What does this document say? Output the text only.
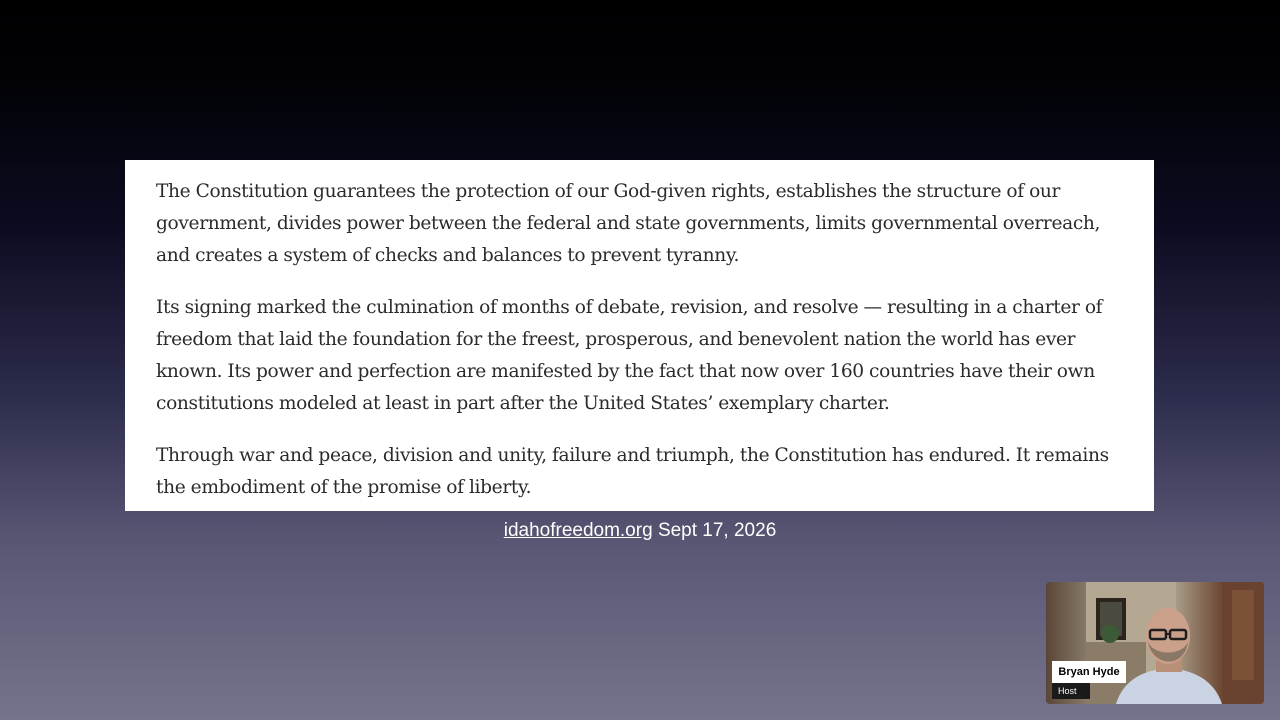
The Constitution guarantees the protection of our God-given rights, establishes the structure of our government, divides power between the federal and state governments, limits governmental overreach, and creates a system of checks and balances to prevent tyranny.

Its signing marked the culmination of months of debate, revision, and resolve — resulting in a charter of freedom that laid the foundation for the freest, prosperous, and benevolent nation the world has ever known. Its power and perfection are manifested by the fact that now over 160 countries have their own constitutions modeled at least in part after the United States’ exemplary charter.

Through war and peace, division and unity, failure and triumph, the Constitution has endured. It remains the embodiment of the promise of liberty.

idahofreedom.org Sept 17, 2026
Bryan Hyde
Host
